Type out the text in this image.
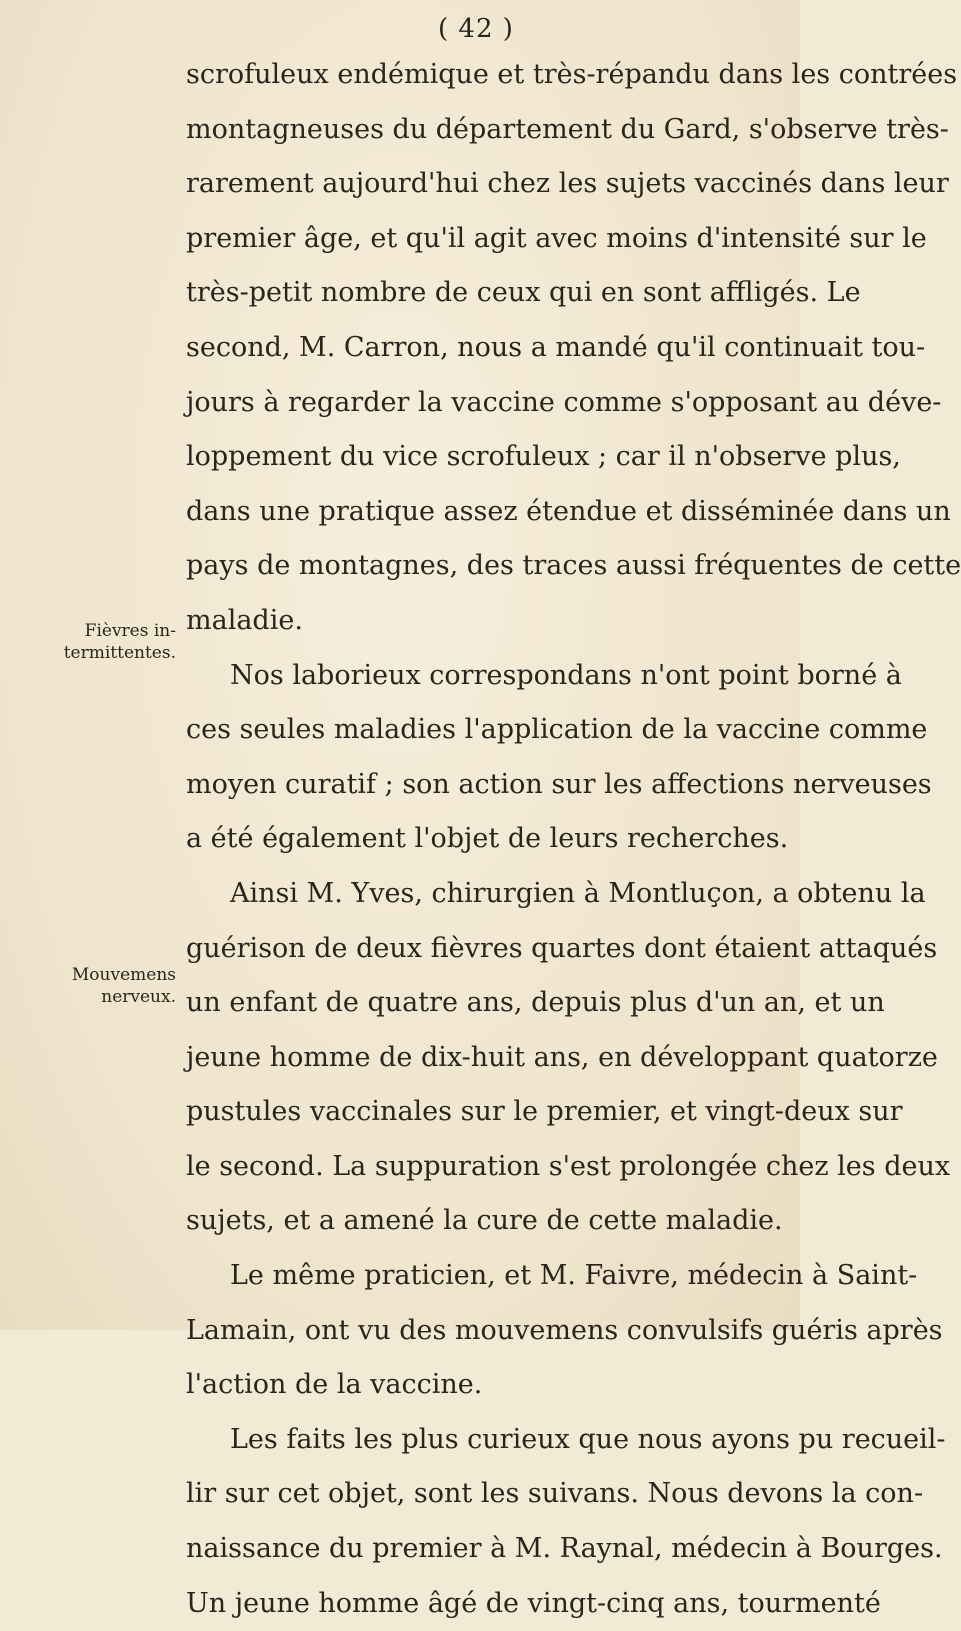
( 42 )
Fièvres in-
termittentes.
Mouvemens
nerveux.
scrofuleux endémique et très-répandu dans les contrées
montagneuses du département du Gard, s'observe très-
rarement aujourd'hui chez les sujets vaccinés dans leur
premier âge, et qu'il agit avec moins d'intensité sur le
très-petit nombre de ceux qui en sont affligés. Le
second, M. Carron, nous a mandé qu'il continuait tou-
jours à regarder la vaccine comme s'opposant au déve-
loppement du vice scrofuleux ; car il n'observe plus,
dans une pratique assez étendue et disséminée dans un
pays de montagnes, des traces aussi fréquentes de cette
maladie.
Nos laborieux correspondans n'ont point borné à
ces seules maladies l'application de la vaccine comme
moyen curatif ; son action sur les affections nerveuses
a été également l'objet de leurs recherches.
Ainsi M. Yves, chirurgien à Montluçon, a obtenu la
guérison de deux fièvres quartes dont étaient attaqués
un enfant de quatre ans, depuis plus d'un an, et un
jeune homme de dix-huit ans, en développant quatorze
pustules vaccinales sur le premier, et vingt-deux sur
le second. La suppuration s'est prolongée chez les deux
sujets, et a amené la cure de cette maladie.
Le même praticien, et M. Faivre, médecin à Saint-
Lamain, ont vu des mouvemens convulsifs guéris après
l'action de la vaccine.
Les faits les plus curieux que nous ayons pu recueil-
lir sur cet objet, sont les suivans. Nous devons la con-
naissance du premier à M. Raynal, médecin à Bourges.
Un jeune homme âgé de vingt-cinq ans, tourmenté
